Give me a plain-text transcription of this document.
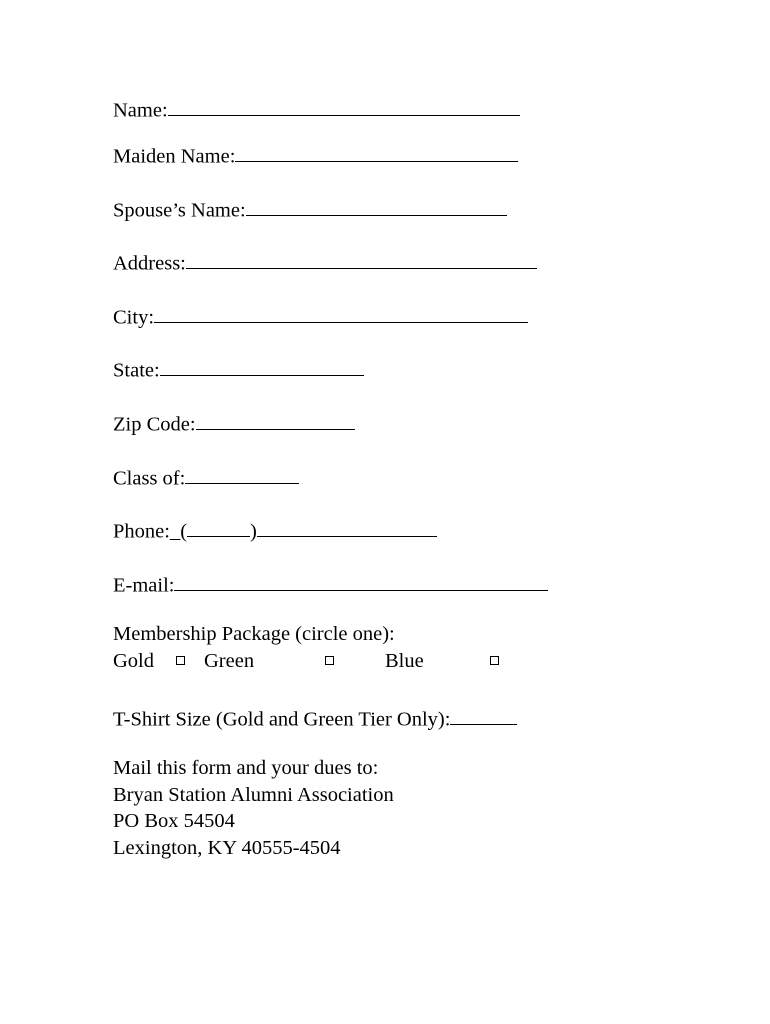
Name:
Maiden Name:
Spouse’s Name:
Address:
City:
State:
Zip Code:
Class of:
Phone:_(	)
E-mail:
Membership Package (circle one):
Gold Green	Blue
T-Shirt Size (Gold and Green Tier Only):
Mail this form and your dues to:
Bryan Station Alumni Association
PO Box 54504
Lexington, KY 40555-4504
